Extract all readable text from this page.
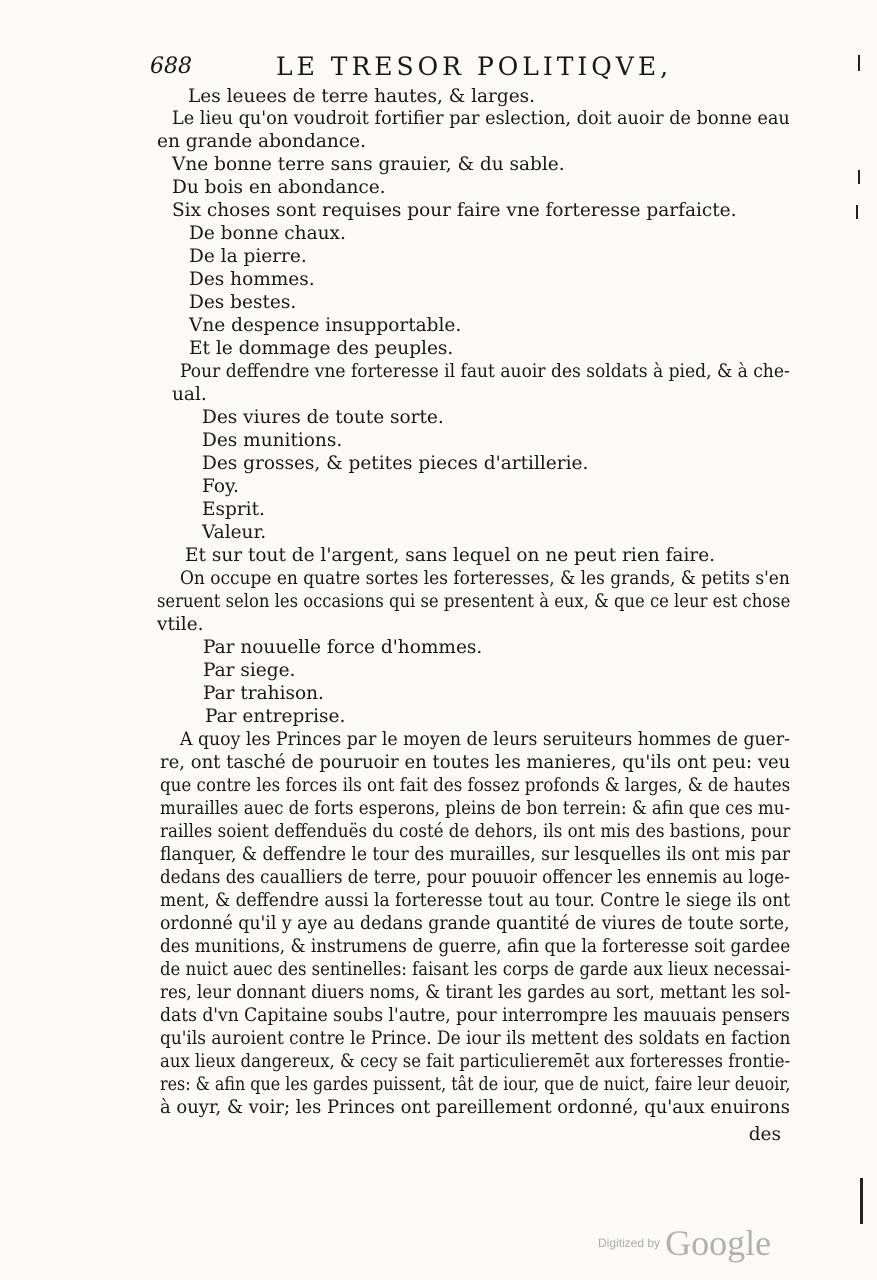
688	LE TRESOR POLITIQVE,
Les leuees de terre hautes, & larges.
Le lieu qu'on voudroit fortifier par eslection, doit auoir de bonne eau
en grande abondance.
Vne bonne terre sans grauier, & du sable.
Du bois en abondance.
Six choses sont requises pour faire vne forteresse parfaicte.
De bonne chaux.
De la pierre.
Des hommes.
Des bestes.
Vne despence insupportable.
Et le dommage des peuples.
Pour deffendre vne forteresse il faut auoir des soldats à pied, & à che-
ual.
Des viures de toute sorte.
Des munitions.
Des grosses, & petites pieces d'artillerie.
Foy.
Esprit.
Valeur.
Et sur tout de l'argent, sans lequel on ne peut rien faire.
On occupe en quatre sortes les forteresses, & les grands, & petits s'en
seruent selon les occasions qui se presentent à eux, & que ce leur est chose
vtile.
Par nouuelle force d'hommes.
Par siege.
Par trahison.
Par entreprise.
A quoy les Princes par le moyen de leurs seruiteurs hommes de guer-
re, ont tasché de pouruoir en toutes les manieres, qu'ils ont peu: veu
que contre les forces ils ont fait des fossez profonds & larges, & de hautes
murailles auec de forts esperons, pleins de bon terrein: & afin que ces mu-
railles soient deffenduës du costé de dehors, ils ont mis des bastions, pour
flanquer, & deffendre le tour des murailles, sur lesquelles ils ont mis par
dedans des caualliers de terre, pour pouuoir offencer les ennemis au loge-
ment, & deffendre aussi la forteresse tout au tour. Contre le siege ils ont
ordonné qu'il y aye au dedans grande quantité de viures de toute sorte,
des munitions, & instrumens de guerre, afin que la forteresse soit gardee
de nuict auec des sentinelles: faisant les corps de garde aux lieux necessai-
res, leur donnant diuers noms, & tirant les gardes au sort, mettant les sol-
dats d'vn Capitaine soubs l'autre, pour interrompre les mauuais pensers
qu'ils auroient contre le Prince. De iour ils mettent des soldats en faction
aux lieux dangereux, & cecy se fait particulieremēt aux forteresses frontie-
res: & afin que les gardes puissent, tât de iour, que de nuict, faire leur deuoir,
à ouyr, & voir; les Princes ont pareillement ordonné, qu'aux enuirons
des
Digitized by Google
